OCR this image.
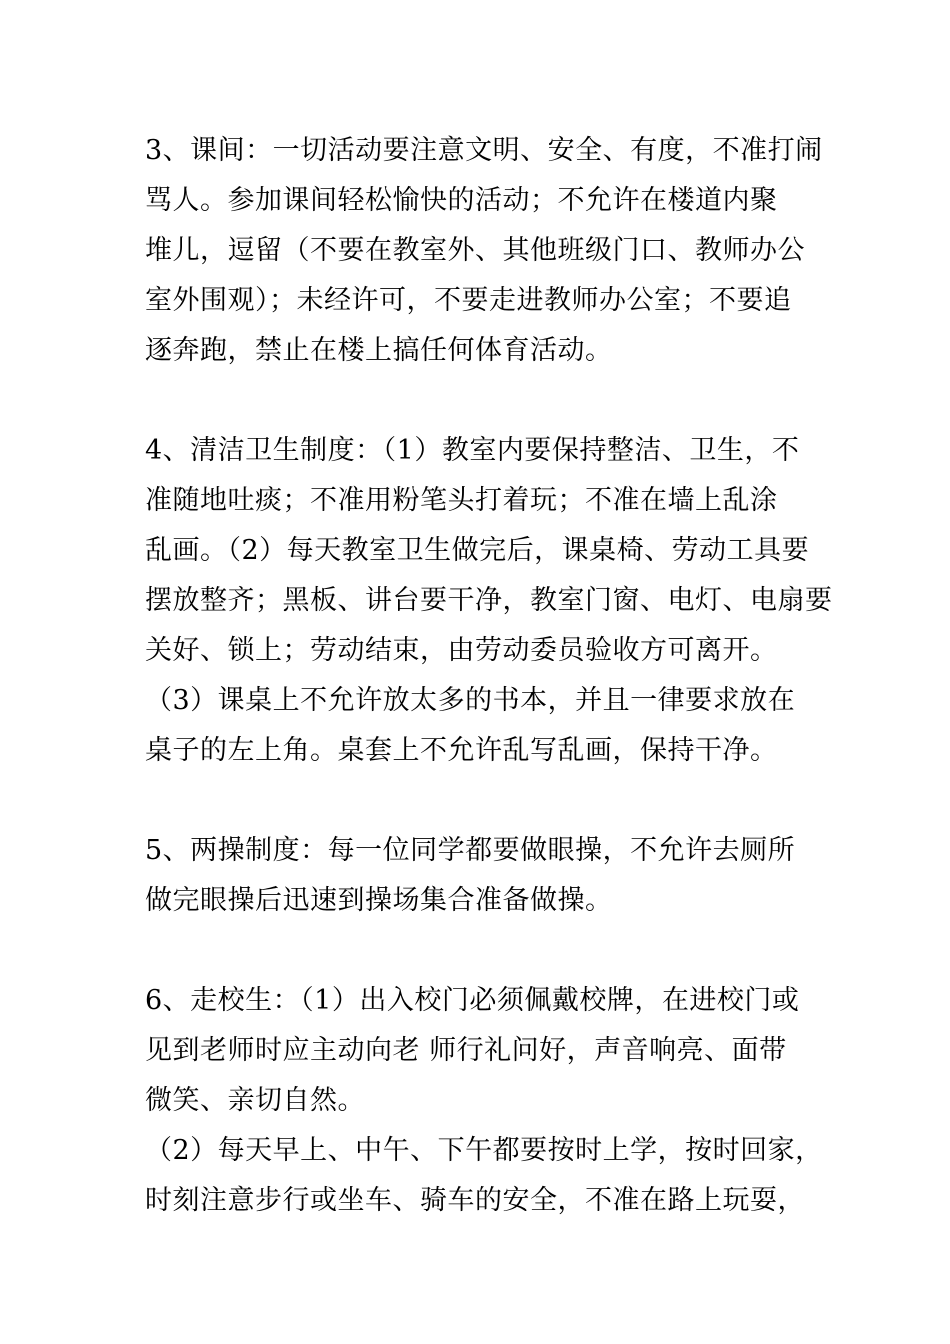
3、课间：一切活动要注意文明、安全、有度，不准打闹
骂人。参加课间轻松愉快的活动；不允许在楼道内聚
堆儿，逗留（不要在教室外、其他班级门口、教师办公
室外围观）；未经许可，不要走进教师办公室；不要追
逐奔跑，禁止在楼上搞任何体育活动。
4、清洁卫生制度：（1）教室内要保持整洁、卫生，不
准随地吐痰；不准用粉笔头打着玩；不准在墙上乱涂
乱画。（2）每天教室卫生做完后，课桌椅、劳动工具要
摆放整齐；黑板、讲台要干净，教室门窗、电灯、电扇要
关好、锁上；劳动结束，由劳动委员验收方可离开。
（3）课桌上不允许放太多的书本，并且一律要求放在
桌子的左上角。桌套上不允许乱写乱画，保持干净。
5、两操制度：每一位同学都要做眼操，不允许去厕所
做完眼操后迅速到操场集合准备做操。
6、走校生：（1）出入校门必须佩戴校牌，在进校门或
见到老师时应主动向老 师行礼问好，声音响亮、面带
微笑、亲切自然。
（2）每天早上、中午、下午都要按时上学，按时回家，
时刻注意步行或坐车、骑车的安全，不准在路上玩耍，
